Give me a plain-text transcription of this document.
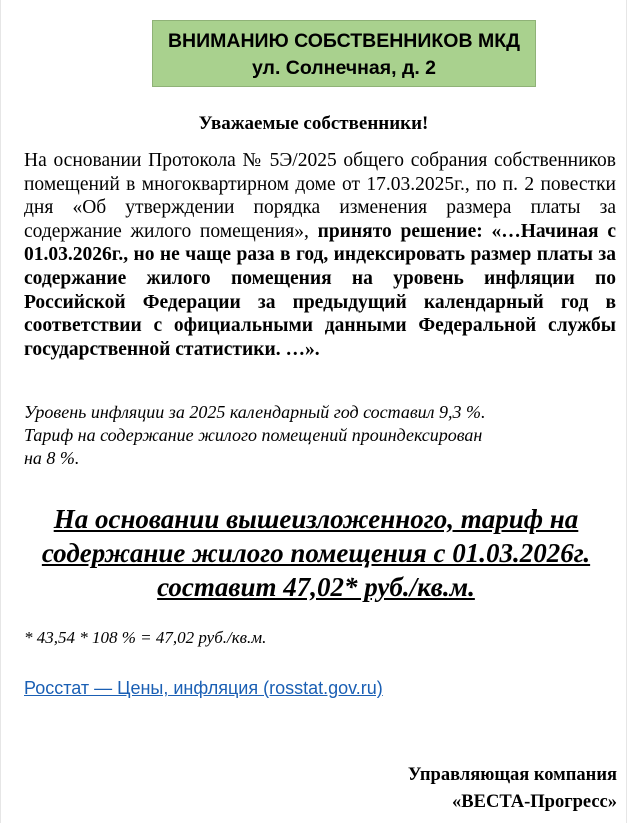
ВНИМАНИЮ СОБСТВЕННИКОВ МКД
ул. Солнечная, д. 2
Уважаемые собственники!
На основании Протокола № 5Э/2025 общего собрания собственников помещений в многоквартирном доме от 17.03.2025г., по п. 2 повестки дня «Об утверждении порядка изменения размера платы за содержание жилого помещения», принято решение: «…Начиная с 01.03.2026г., но не чаще раза в год, индексировать размер платы за содержание жилого помещения на уровень инфляции по Российской Федерации за предыдущий календарный год в соответствии с официальными данными Федеральной службы государственной статистики. …».
Уровень инфляции за 2025 календарный год составил 9,3 %.
Тариф на содержание жилого помещений проиндексирован
на 8 %.
На основании вышеизложенного, тариф на
содержание жилого помещения с 01.03.2026г.
составит 47,02* руб./кв.м.
* 43,54 * 108 % = 47,02 руб./кв.м.
Росстат — Цены, инфляция (rosstat.gov.ru)
Управляющая компания
«ВЕСТА-Прогресс»
